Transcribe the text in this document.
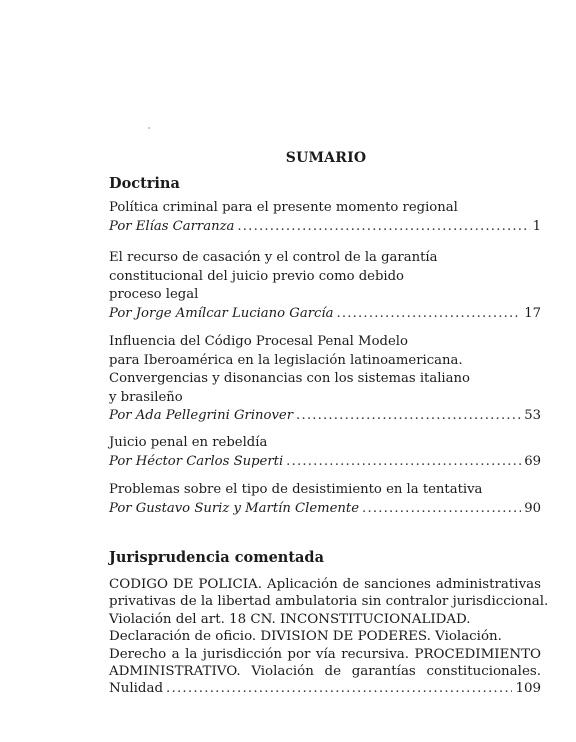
SUMARIO
Doctrina
Política criminal para el presente momento regional
Por Elías Carranza .....	1
El recurso de casación y el control de la garantía
constitucional del juicio previo como debido
proceso legal
Por Jorge Amílcar Luciano García .....	17
Influencia del Código Procesal Penal Modelo
para Iberoamérica en la legislación latinoamericana.
Convergencias y disonancias con los sistemas italiano
y brasileño
Por Ada Pellegrini Grinover .....	53
Juicio penal en rebeldía
Por Héctor Carlos Superti .....	69
Problemas sobre el tipo de desistimiento en la tentativa
Por Gustavo Suriz y Martín Clemente .....	90
Jurisprudencia comentada
CODIGO DE POLICIA. Aplicación de sanciones administrativas
privativas de la libertad ambulatoria sin contralor jurisdiccional.
Violación del art. 18 CN. INCONSTITUCIONALIDAD.
Declaración de oficio. DIVISION DE PODERES. Violación.
Derecho a la jurisdicción por vía recursiva. PROCEDIMIENTO
ADMINISTRATIVO. Violación de garantías constitucionales.
Nulidad .....	109
